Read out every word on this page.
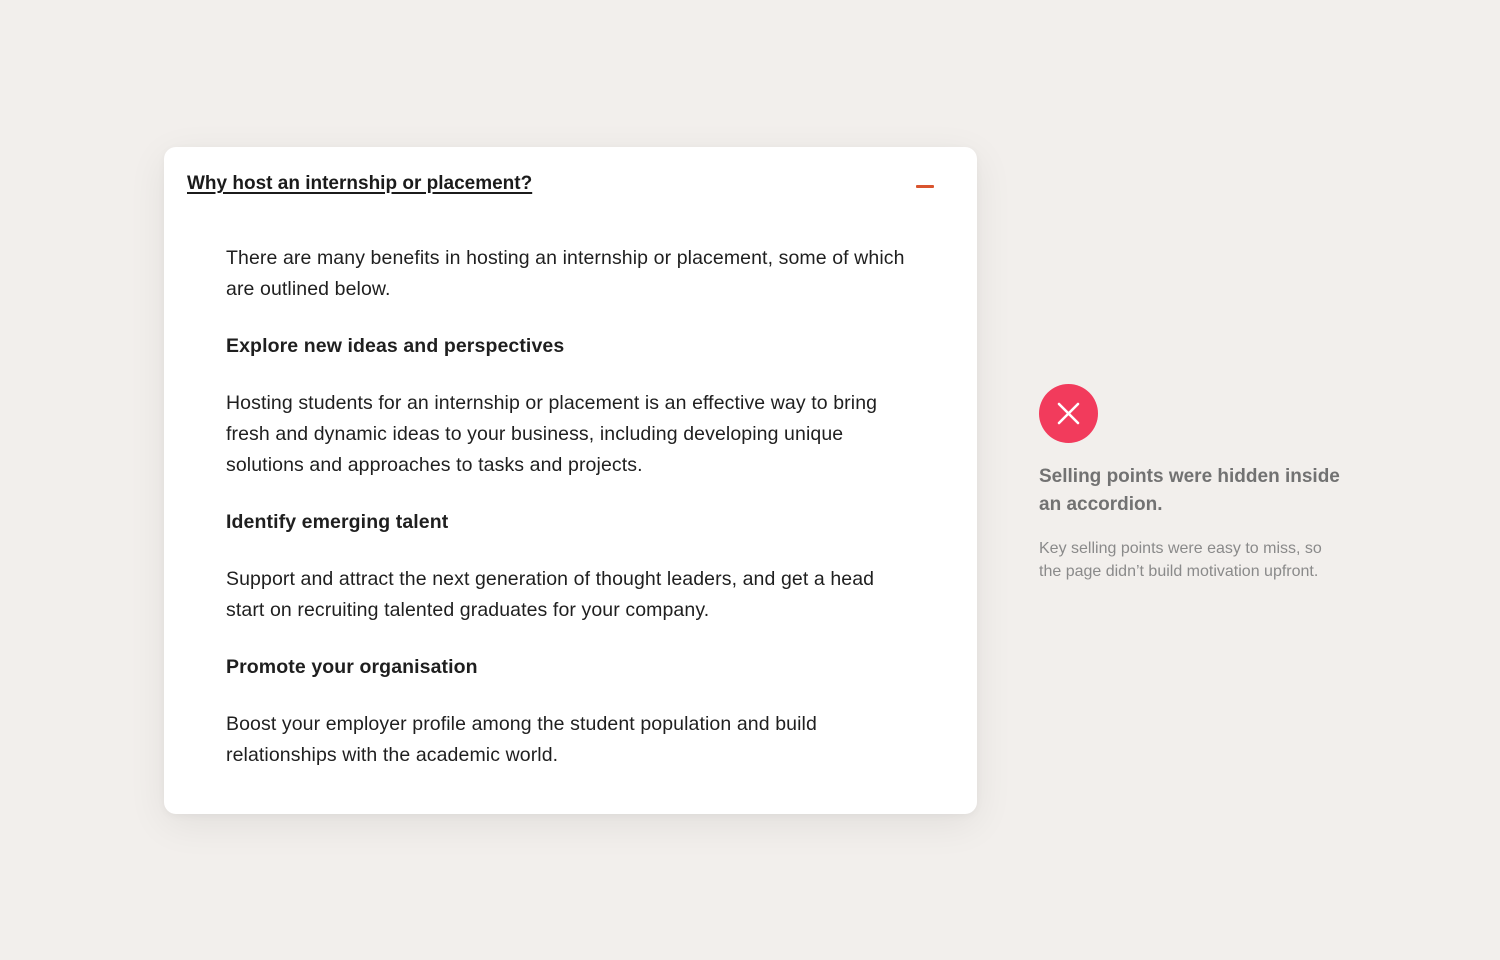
Why host an internship or placement?

There are many benefits in hosting an internship or placement, some of which are outlined below.

Explore new ideas and perspectives

Hosting students for an internship or placement is an effective way to bring fresh and dynamic ideas to your business, including developing unique solutions and approaches to tasks and projects.

Identify emerging talent

Support and attract the next generation of thought leaders, and get a head start on recruiting talented graduates for your company.

Promote your organisation

Boost your employer profile among the student population and build relationships with the academic world.

Selling points were hidden inside an accordion.
Key selling points were easy to miss, so the page didn’t build motivation upfront.
